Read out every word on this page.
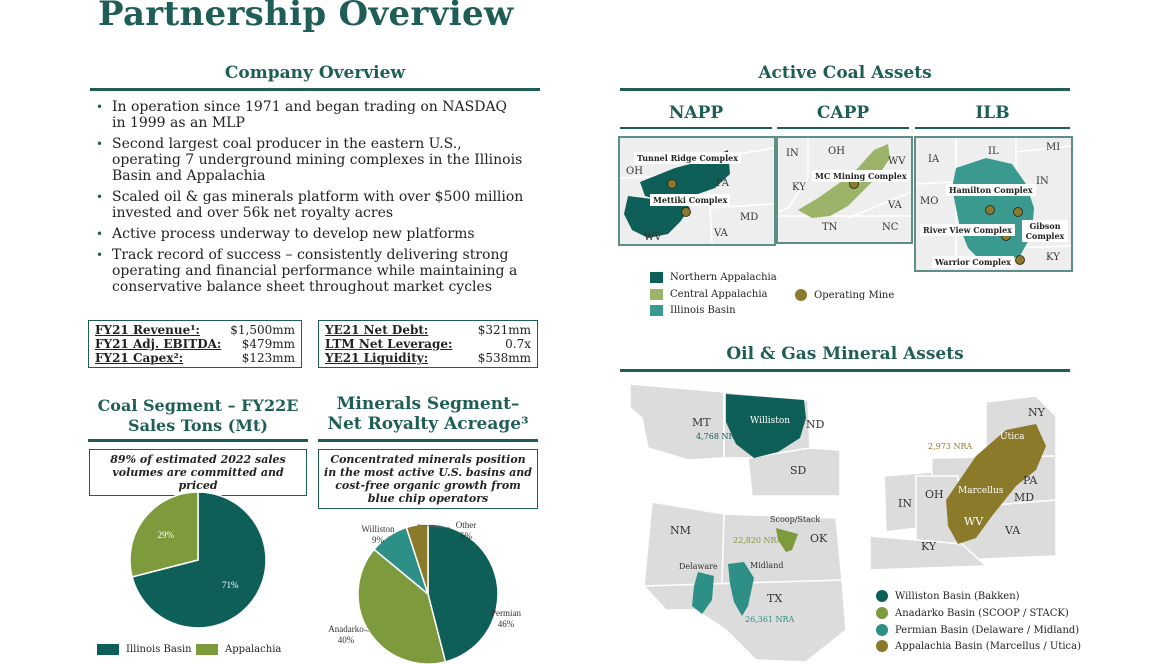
Partnership Overview
Company Overview
• In operation since 1971 and began trading on NASDAQ in 1999 as an MLP
• Second largest coal producer in the eastern U.S., operating 7 underground mining complexes in the Illinois Basin and Appalachia
• Scaled oil & gas minerals platform with over $500 million invested and over 56k net royalty acres
• Active process underway to develop new platforms
• Track record of success – consistently delivering strong operating and financial performance while maintaining a conservative balance sheet throughout market cycles
FY21 Revenue¹:	$1,500mm
FY21 Adj. EBITDA: $479mm
FY21 Capex²:	$123mm
YE21 Net Debt:	$321mm
LTM Net Leverage:	0.7x
YE21 Liquidity:	$538mm
Coal Segment – FY22E
Sales Tons (Mt)
89% of estimated 2022 sales volumes are committed and priced
71%
29%
Illinois Basin	Appalachia
Minerals Segment–
Net Royalty Acreage³
Concentrated minerals position in the most active U.S. basins and cost-free organic growth from blue chip operators
Permian 46%
Anadarko 40%
Williston 9%
Other 5%
Active Coal Assets
NAPP	CAPP	ILB
Tunnel Ridge Complex
Mettiki Complex
OH
PA
MD
WV	VA
MC Mining Complex
IN	OH
WV
KY
VA
TN	NC
Hamilton Complex
River View Complex	Gibson Complex
Warrior Complex
IL	MI
IA
IN
MO
KY
Northern Appalachia
Central Appalachia
Illinois Basin
Operating Mine
Oil & Gas Mineral Assets
MT	ND
SD
Williston
4,768 NRA
NM
OK
TX
Scoop/Stack
Delaware	Midland
22,820 NRA
26,361 NRA
NY
PA
MD
OH
IN
WV
VA
KY
Utica
Marcellus
2,973 NRA
Williston Basin (Bakken)
Anadarko Basin (SCOOP / STACK)
Permian Basin (Delaware / Midland)
Appalachia Basin (Marcellus / Utica)
